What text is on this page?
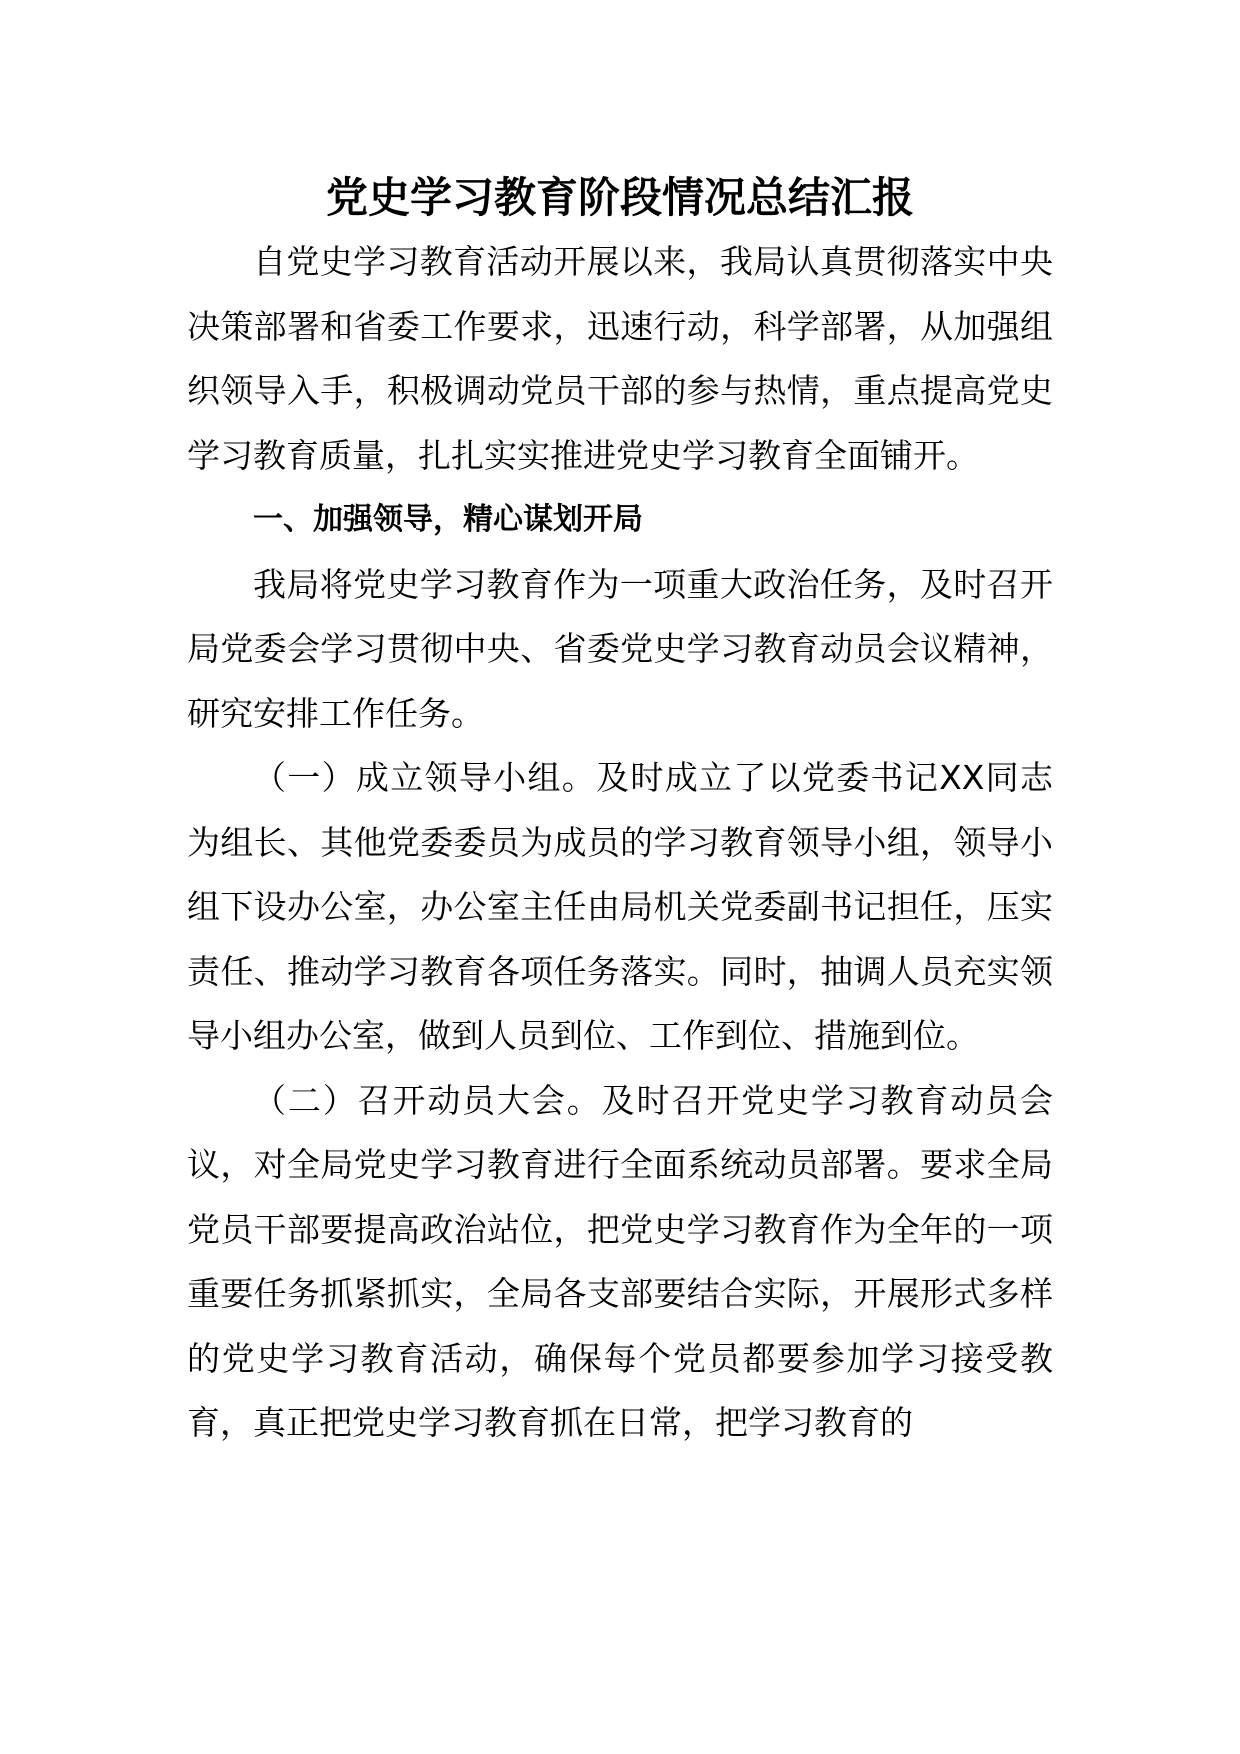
党史学习教育阶段情况总结汇报

自党史学习教育活动开展以来，我局认真贯彻落实中央决策部署和省委工作要求，迅速行动，科学部署，从加强组织领导入手，积极调动党员干部的参与热情，重点提高党史学习教育质量，扎扎实实推进党史学习教育全面铺开。

一、加强领导，精心谋划开局

我局将党史学习教育作为一项重大政治任务，及时召开局党委会学习贯彻中央、省委党史学习教育动员会议精神，研究安排工作任务。

（一）成立领导小组。及时成立了以党委书记XX同志为组长、其他党委委员为成员的学习教育领导小组，领导小组下设办公室，办公室主任由局机关党委副书记担任，压实责任、推动学习教育各项任务落实。同时，抽调人员充实领导小组办公室，做到人员到位、工作到位、措施到位。

（二）召开动员大会。及时召开党史学习教育动员会议，对全局党史学习教育进行全面系统动员部署。要求全局党员干部要提高政治站位，把党史学习教育作为全年的一项重要任务抓紧抓实，全局各支部要结合实际，开展形式多样的党史学习教育活动，确保每个党员都要参加学习接受教育，真正把党史学习教育抓在日常，把学习教育的
